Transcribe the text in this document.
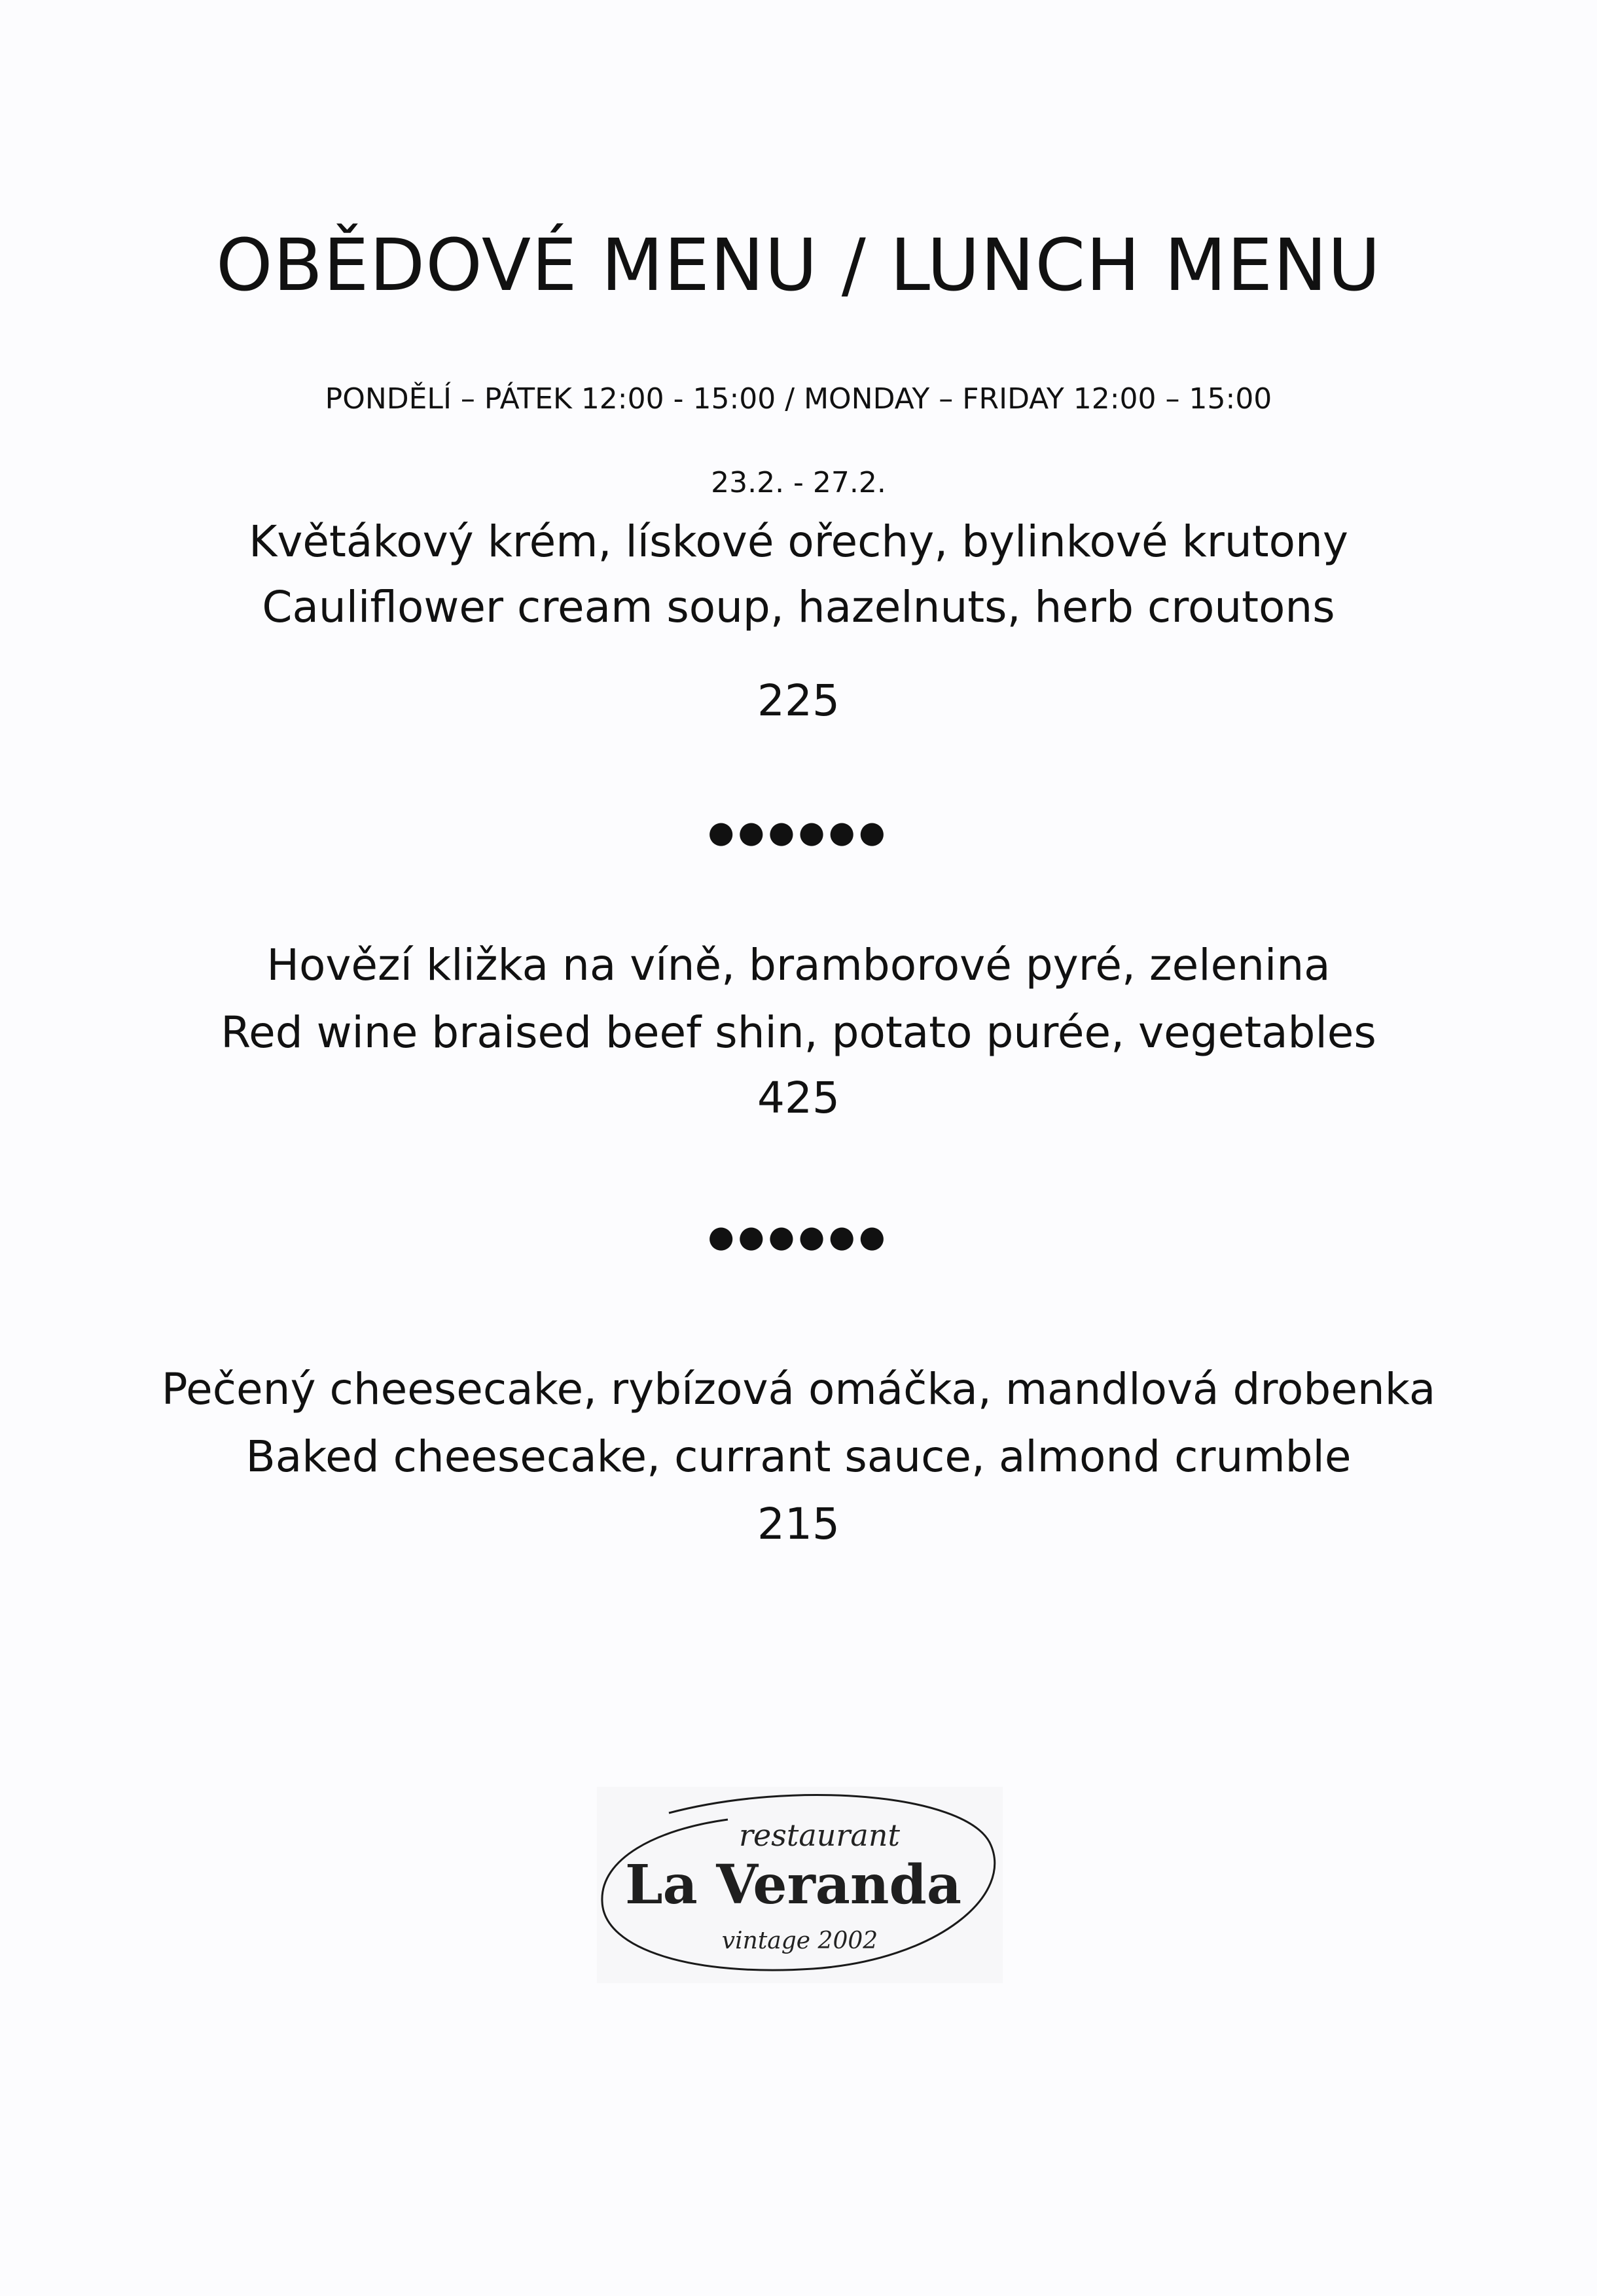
OBĚDOVÉ MENU / LUNCH MENU
PONDĚLÍ – PÁTEK 12:00 - 15:00 / MONDAY – FRIDAY 12:00 – 15:00
23.2. - 27.2.
Květákový krém, lískové ořechy, bylinkové krutony
Cauliflower cream soup, hazelnuts, herb croutons
225
●●●●●●
Hovězí kližka na víně, bramborové pyré, zelenina
Red wine braised beef shin, potato purée, vegetables
425
●●●●●●
Pečený cheesecake, rybízová omáčka, mandlová drobenka
Baked cheesecake, currant sauce, almond crumble
215
restaurant
La Veranda
vintage 2002
